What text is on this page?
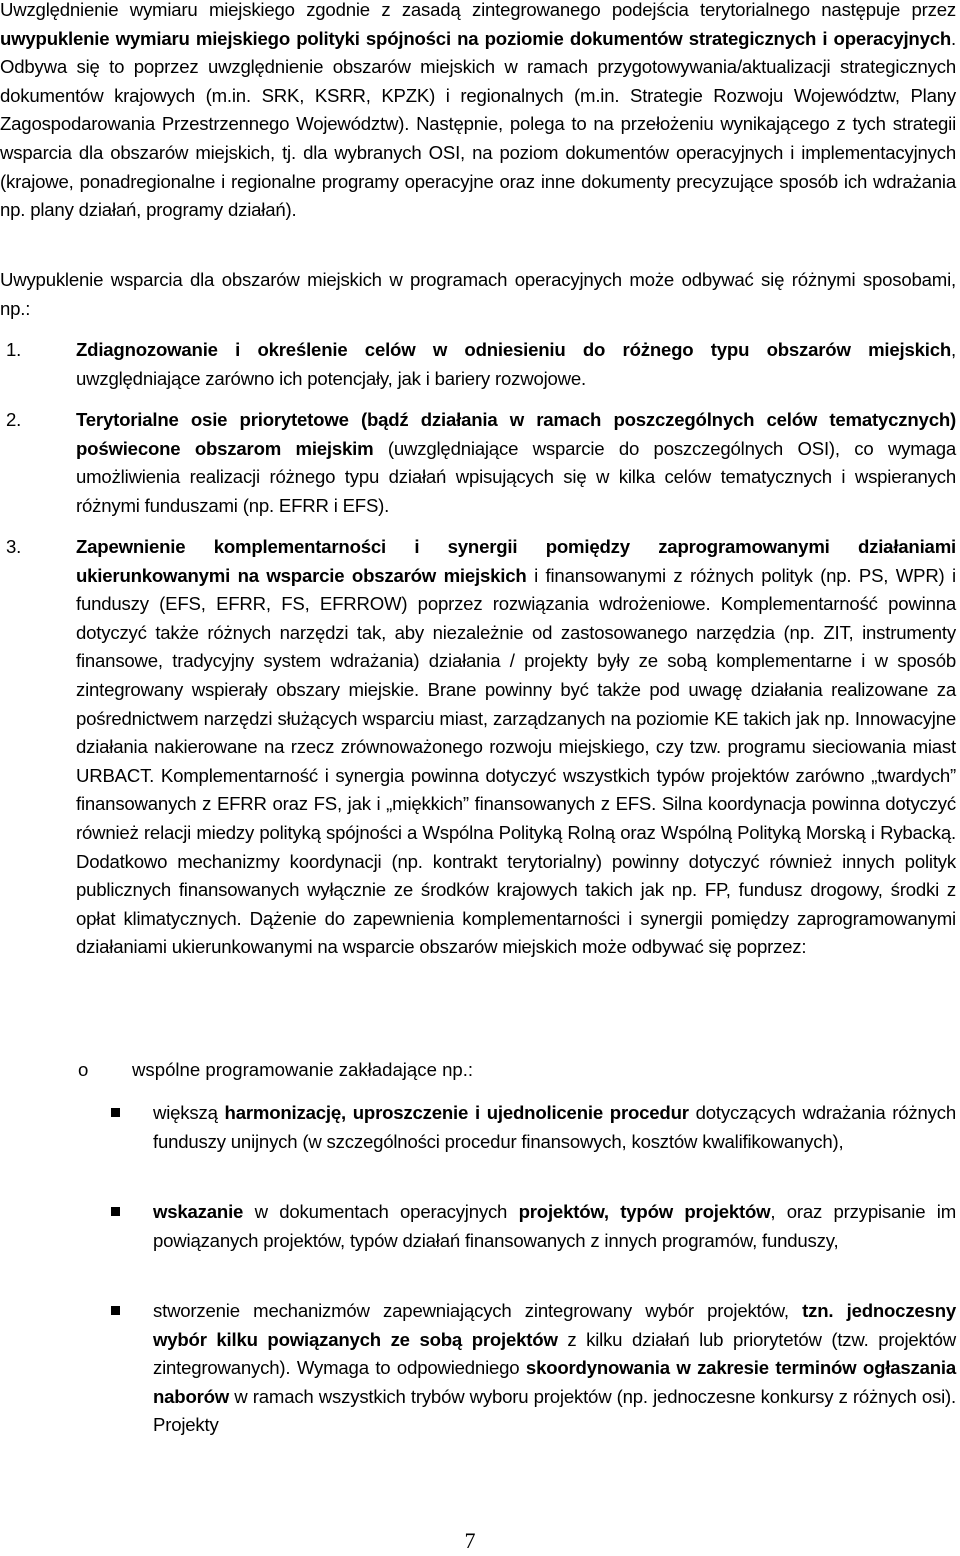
Uwzględnienie wymiaru miejskiego zgodnie z zasadą zintegrowanego podejścia terytorialnego następuje przez uwypuklenie wymiaru miejskiego polityki spójności na poziomie dokumentów strategicznych i operacyjnych. Odbywa się to poprzez uwzględnienie obszarów miejskich w ramach przygotowywania/aktualizacji strategicznych dokumentów krajowych (m.in. SRK, KSRR, KPZK) i regionalnych (m.in. Strategie Rozwoju Województw, Plany Zagospodarowania Przestrzennego Województw). Następnie, polega to na przełożeniu wynikającego z tych strategii wsparcia dla obszarów miejskich, tj. dla wybranych OSI, na poziom dokumentów operacyjnych i implementacyjnych (krajowe, ponadregionalne i regionalne programy operacyjne oraz inne dokumenty precyzujące sposób ich wdrażania np. plany działań, programy działań).

Uwypuklenie wsparcia dla obszarów miejskich w programach operacyjnych może odbywać się różnymi sposobami, np.:

1.	Zdiagnozowanie i określenie celów w odniesieniu do różnego typu obszarów miejskich, uwzględniające zarówno ich potencjały, jak i bariery rozwojowe.
2.	Terytorialne osie priorytetowe (bądź działania w ramach poszczególnych celów tematycznych) poświecone obszarom miejskim (uwzględniające wsparcie do poszczególnych OSI), co wymaga umożliwienia realizacji różnego typu działań wpisujących się w kilka celów tematycznych i wspieranych różnymi funduszami (np. EFRR i EFS).
3.	Zapewnienie komplementarności i synergii pomiędzy zaprogramowanymi działaniami ukierunkowanymi na wsparcie obszarów miejskich i finansowanymi z różnych polityk (np. PS, WPR) i funduszy (EFS, EFRR, FS, EFRROW) poprzez rozwiązania wdrożeniowe. Komplementarność powinna dotyczyć także różnych narzędzi tak, aby niezależnie od zastosowanego narzędzia (np. ZIT, instrumenty finansowe, tradycyjny system wdrażania) działania / projekty były ze sobą komplementarne i w sposób zintegrowany wspierały obszary miejskie. Brane powinny być także pod uwagę działania realizowane za pośrednictwem narzędzi służących wsparciu miast, zarządzanych na poziomie KE takich jak np. Innowacyjne działania nakierowane na rzecz zrównoważonego rozwoju miejskiego, czy tzw. programu sieciowania miast URBACT. Komplementarność i synergia powinna dotyczyć wszystkich typów projektów zarówno „twardych” finansowanych z EFRR oraz FS, jak i „miękkich” finansowanych z EFS. Silna koordynacja powinna dotyczyć również relacji miedzy polityką spójności a Wspólna Polityką Rolną oraz Wspólną Polityką Morską i Rybacką. Dodatkowo mechanizmy koordynacji (np. kontrakt terytorialny) powinny dotyczyć również innych polityk publicznych finansowanych wyłącznie ze środków krajowych takich jak np. FP, fundusz drogowy, środki z opłat klimatycznych. Dążenie do zapewnienia komplementarności i synergii pomiędzy zaprogramowanymi działaniami ukierunkowanymi na wsparcie obszarów miejskich może odbywać się poprzez:
o wspólne programowanie zakładające np.:
większą harmonizację, uproszczenie i ujednolicenie procedur dotyczących wdrażania różnych funduszy unijnych (w szczególności procedur finansowych, kosztów kwalifikowanych),
wskazanie w dokumentach operacyjnych projektów, typów projektów, oraz przypisanie im powiązanych projektów, typów działań finansowanych z innych programów, funduszy,
stworzenie mechanizmów zapewniających zintegrowany wybór projektów, tzn. jednoczesny wybór kilku powiązanych ze sobą projektów z kilku działań lub priorytetów (tzw. projektów zintegrowanych). Wymaga to odpowiedniego skoordynowania w zakresie terminów ogłaszania naborów w ramach wszystkich trybów wyboru projektów (np. jednoczesne konkursy z różnych osi). Projekty
7
